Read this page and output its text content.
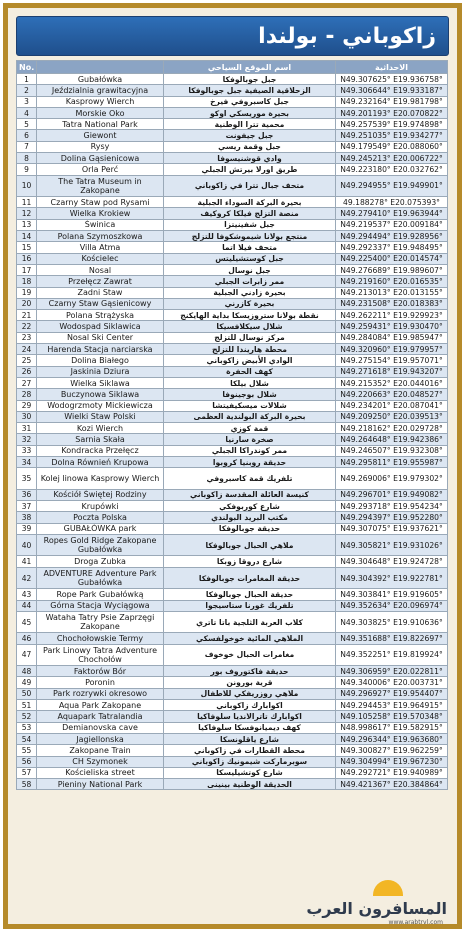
زاكوباني - بولندا
No.		اسم الموقع السياحي	الاحداثية
1	Gubałówka	جبل جوبالوفكا	N49.307625° E19.936758°
2	Jeździalnia grawitacyjna	الزحلاقية الصيفية جبل جوبالوفكا	N49.306644° E19.933187°
3	Kasprowy Wierch	جبل كاسبروفي فيرخ	N49.232164° E19.981798°
4	Morskie Oko	بحيرة موريسكي اوكو	N49.201193° E20.070822°
5	Tatra National Park	محمية تترا الوطنية	N49.257539° E19.974898°
6	Giewont	جبل جيفونت	N49.251035° E19.934277°
7	Rysy	جبل وقمة ريسي	N49.179549° E20.088060°
8	Dolina Gąsienicowa	وادي قوشنيسوفا	N49.245213° E20.006722°
9	Orla Perć	طريق اورلا بيرتش الجبلي	N49.223180° E20.032762°
10	The Tatra Museum in Zakopane	متحف جبال تترا في زاكوباني	N49.294955° E19.949901°
11	Czarny Staw pod Rysami	بحيرة البركة السوداء الجبلية	49.188278° E20.075393°
12	Wielka Krokiew	منصة التزلج فيلكا كروكيف	N49.279410° E19.963944°
13	Świnica	جبل شفينيتزا	N49.219537° E20.009184°
14	Polana Szymoszkowa	منتجع بولانا شيموشكوفا للتزلج	N49.294494° E19.928956°
15	Villa Atma	متحف فيلا اتما	N49.292337° E19.948495°
16	Kościelec	جبل كوستشيليتس	N49.225400° E20.014574°
17	Nosal	جبل نوسال	N49.276689° E19.989607°
18	Przełęcz Zawrat	ممر زابرات الجبلي	N49.219160° E20.016535°
19	Zadni Staw	بحيرة زادني الجبلية	N49.213013° E20.013155°
20	Czarny Staw Gąsienicowy	بحيرة كازرني	N49.231508° E20.018383°
21	Polana Strążyska	نقطة بولانا ستروزيسكا بداية الهايكنج	N49.262211° E19.929923°
22	Wodospad Siklawica	شلال سيكلافسيكا	N49.259431° E19.930470°
23	Nosal Ski Center	مركز نوسال للتزلج	N49.284084° E19.985947°
24	Harenda Stacja narciarska	محطة هاريندا للتزلج	N49.320960° E19.979957°
25	Dolina Białego	الوادي الأبيض زاكوباني	N49.275154° E19.957071°
26	Jaskinia Dziura	كهف الحفرة	N49.271618° E19.943207°
27	Wielka Siklawa	شلال بيلكا	N49.215352° E20.044016°
28	Buczynowa Siklawa	شلال بوجينوفا	N49.220663° E20.048527°
29	Wodogrzmoty Mickiewicza	شلالات ميسكيفيتشا	N49.234201° E20.087041°
30	Wielki Staw Polski	بحيرة البركة البولندية العظمى	N49.209250° E20.039513°
31	Kozi Wierch	قمة كوزي	N49.218162° E20.029728°
32	Sarnia Skała	صخرة سارنيا	N49.264648° E19.942386°
33	Kondracka Przełęcz	ممر كوندراكا الجبلي	N49.246507° E19.932308°
34	Dolna Równień Krupowa	حديقة روبنيا كروبوا	N49.295811° E19.955987°
35	Kolej linowa Kasprowy Wierch	تلفريك قمة كاسبروفي	N49.269006° E19.979302°
36	Kościół Świętej Rodziny	كنيسة العائلة المقدسة زاكوباني	N49.296701° E19.949082°
37	Krupówki	شارع كوربوفكي	N49.293718° E19.954234°
38	Poczta Polska	مكتب البريد البولندي	N49.294397° E19.952280°
39	GUBAŁÓWKA park	حديقة جوبالوفكا	N49.307075° E19.937621°
40	Ropes Gold Ridge Zakopane Gubałówka	ملاهي الحبال جوبالوفكا	N49.305821° E19.931026°
41	Droga Zubka	شارع دروقا زوبكا	N49.304648° E19.924728°
42	ADVENTURE Adventure Park Gubałówka	حديقة المغامرات جوبالوفكا	N49.304392° E19.922781°
43	Rope Park Gubałówką	حديقة الحبال جوبالوفكا	N49.303841° E19.919605°
44	Górna Stacja Wyciągowa	تلفريك غورنا ستاسيجوا	N49.352634° E20.096974°
45	Wataha Tatry Psie Zaprzęgi Zakopane	كلاب العربة الثلجية باتا تاتري	N49.303825° E19.910636°
46	Chochołowskie Termy	الملاهي المائية خوخولفسكي	N49.351688° E19.822697°
47	Park Linowy Tatra Adventure Chochołów	مغامرات الحبال خوخوف	N49.352251° E19.819924°
48	Faktorów Bór	حديقة فاكتوروف بور	N49.306959° E20.022811°
49	Poronin	قرية بورونن	N49.340006° E20.003731°
50	Park rozrywki okresowo	ملاهي روزريفكي للاطفال	N49.296927° E19.954407°
51	Aqua Park Zakopane	اكوابارك زاكوباني	N49.294453° E19.964915°
52	Aquapark Tatralandia	اكوابارك تاترالانديا سلوفاكيا	N49.105258° E19.570348°
53	Demianovska cave	كهف ديميانوفسكا سلوفاكيا	N48.998617° E19.582915°
54	Jagiellonska	شارع ياقلونسكا	N49.296344° E19.963680°
55	Zakopane Train	محطة القطارات في زاكوباني	N49.300827° E19.962259°
56	CH Szymonek	سوبرماركت شيمونيك زاكوباني	N49.304994° E19.967230°
57	Kościeliska street	شارع كوتشيليسكا	N49.292721° E19.940989°
58	Pieniny National Park	الحديقة الوطنية بينينى	N49.421367° E20.384864°
المسافرون العرب
www.arabtrvl.com
